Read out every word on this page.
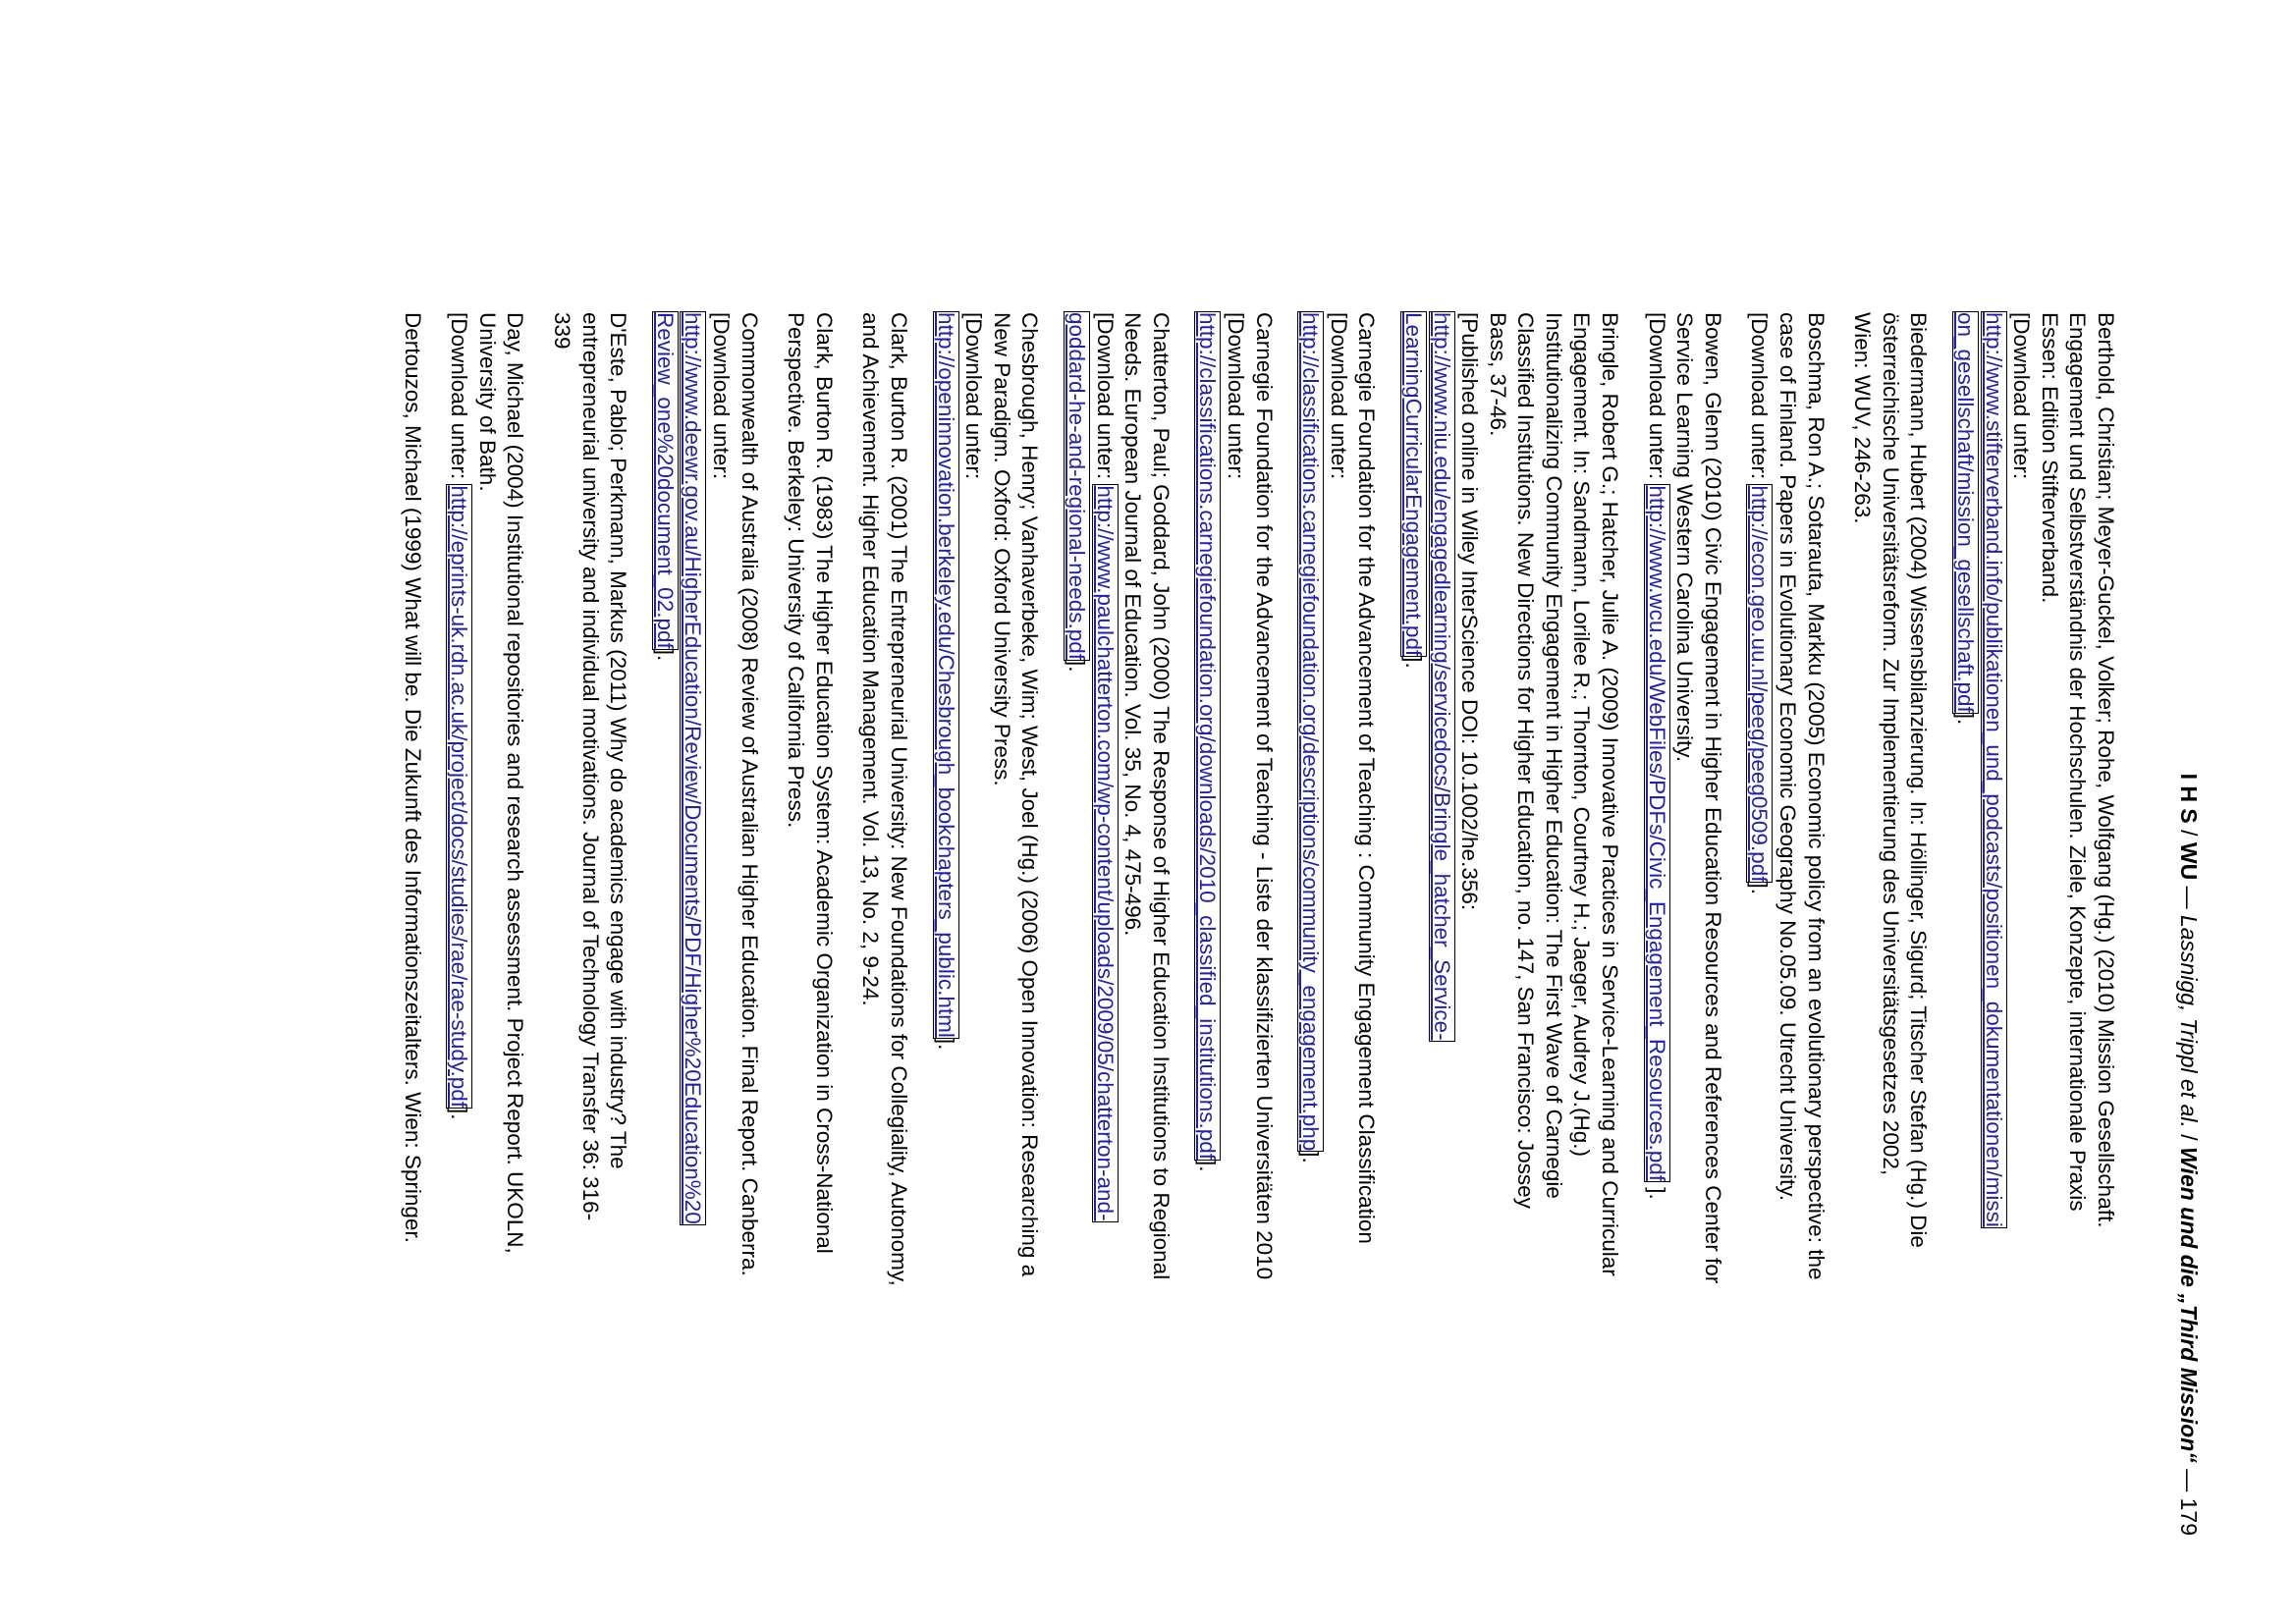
I H S / WU — Lassnigg, Trippl et al. / Wien und die „Third Mission“ — 179
Berthold, Christian; Meyer-Guckel, Volker; Rohe, Wolfgang (Hg.) (2010) Mission Gesellschaft.
Engagement und Selbstverständnis der Hochschulen. Ziele, Konzepte, internationale Praxis
Essen: Edition Stifterverband.
[Download unter:
http://www.stifterverband.info/publikationen_und_podcasts/positionen_dokumentationen/missi
on_gesellschaft/mission_gesellschaft.pdf].
Biedermann, Hubert (2004) Wissensbilanzierung. In: Höllinger, Sigurd; Titscher Stefan (Hg.) Die
österreichische Universitätsreform. Zur Implementierung des Universitätsgesetzes 2002,
Wien: WUV, 246-263.
Boschma, Ron A.; Sotarauta, Markku (2005) Economic policy from an evolutionary perspective: the
case of Finland. Papers in Evolutionary Economic Geography No.05.09. Utrecht University.
[Download unter: http://econ.geo.uu.nl/peeg/peeg0509.pdf].
Bowen, Glenn (2010) Civic Engagement in Higher Education Resources and References Center for
Service Learning Western Carolina University.
[Download unter: http://www.wcu.edu/WebFiles/PDFs/Civic_Engagement_Resources.pdf ].
Bringle, Robert G.; Hatcher, Julie A. (2009) Innovative Practices in Service-Learning and Curricular
Engagement. In: Sandmann, Lorilee R.; Thornton, Courtney H.; Jaeger, Audrey J.(Hg.)
Institutionalizing Community Engagement in Higher Education: The First Wave of Carnegie
Classified Institutions. New Directions for Higher Education, no. 147, San Francisco: Jossey
Bass, 37-46.
[Published online in Wiley InterScience DOI: 10.1002/he.356:
http://www.niu.edu/engagedlearning/servicedocs/Bringle_hatcher_Service-
LearningCurricularEngagement.pdf].
Carnegie Foundation for the Advancement of Teaching : Community Engagement Classification
[Download unter:
http://classifications.carnegiefoundation.org/descriptions/community_engagement.php].
Carnegie Foundation for the Advancement of Teaching - Liste der klassifizierten Universitäten 2010
[Download unter:
http://classifications.carnegiefoundation.org/downloads/2010_classified_institutions.pdf].
Chatterton, Paul; Goddard, John (2000) The Response of Higher Education Institutions to Regional
Needs. European Journal of Education. Vol. 35, No. 4, 475-496.
[Download unter: http://www.paulchatterton.com/wp-content/uploads/2009/05/chatterton-and-
goddard-he-and-regional-needs.pdf].
Chesbrough, Henry; Vanhaverbeke, Wim; West, Joel (Hg.) (2006) Open Innovation: Researching a
New Paradigm. Oxford: Oxford University Press.
[Download unter:
http://openinnovation.berkeley.edu/Chesbrough_bookchapters_public.html].
Clark, Burton R. (2001) The Entrepreneurial University: New Foundations for Collegiality, Autonomy,
and Achievement. Higher Education Management. Vol. 13, No. 2, 9-24.
Clark, Burton R. (1983) The Higher Education System: Academic Organization in Cross-National
Perspective. Berkeley: University of California Press.
Commonwealth of Australia (2008) Review of Australian Higher Education. Final Report. Canberra.
[Download unter:
http://www.deewr.gov.au/HigherEducation/Review/Documents/PDF/Higher%20Education%20
Review_one%20document_02.pdf].
D'Este, Pablo; Perkmann, Markus (2011) Why do academics engage with industry? The
entrepreneurial university and individual motivations. Journal of Technology Transfer 36: 316-
339
Day, Michael (2004) Institutional repositories and research assessment. Project Report. UKOLN,
University of Bath.
[Download unter: http://eprints-uk.rdn.ac.uk/project/docs/studies/rae/rae-study.pdf].
Dertouzos, Michael (1999) What will be. Die Zukunft des Informationszeitalters. Wien: Springer.
